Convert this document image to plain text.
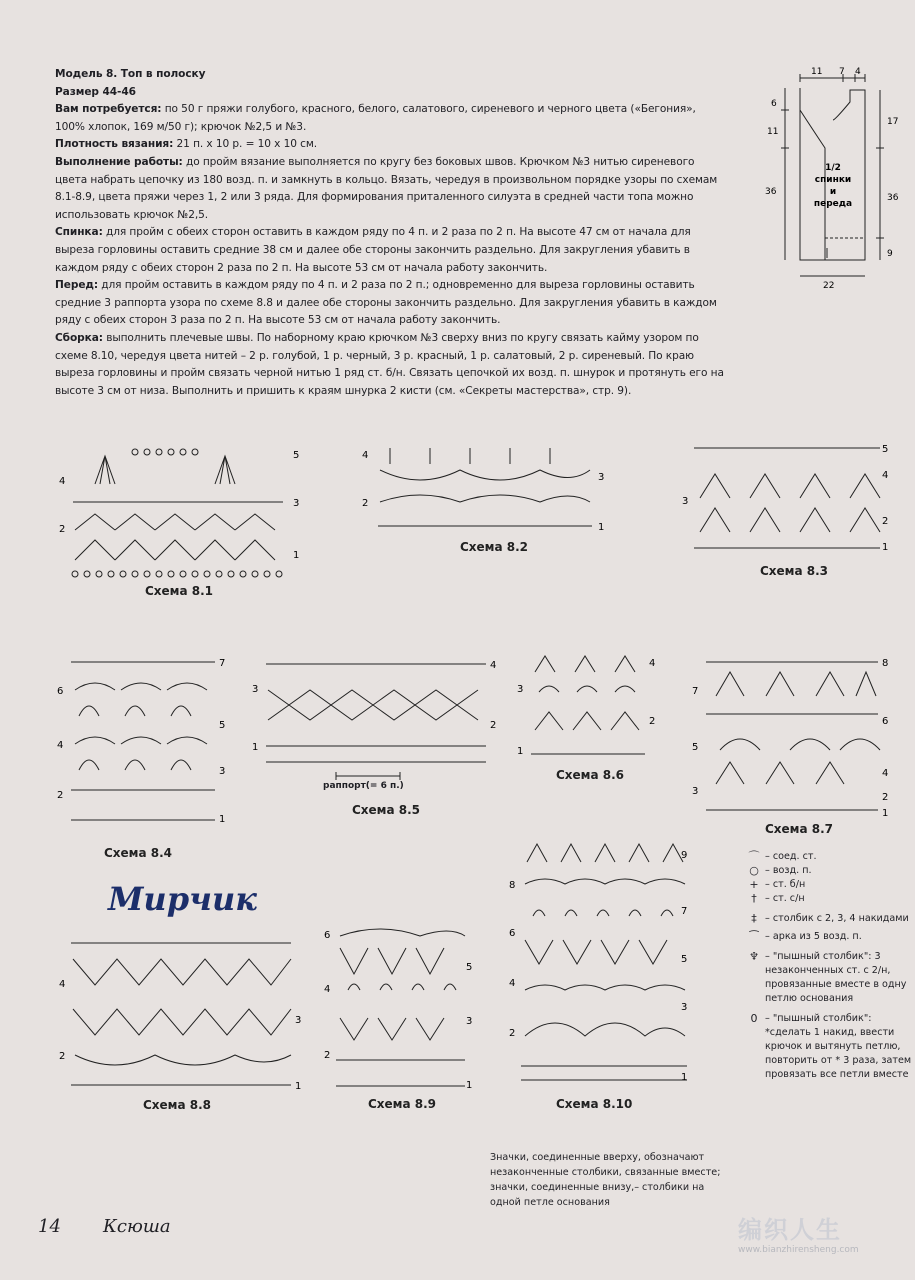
Модель 8. Топ в полоску

Размер 44-46

Вам потребуется: по 50 г пряжи голубого, красного, белого, салатового, сиреневого и черного цвета («Бегония», 100% хлопок, 169 м/50 г); крючок №2,5 и №3.

Плотность вязания: 21 п. х 10 р. = 10 х 10 см.

Выполнение работы: до пройм вязание выполняется по кругу без боковых швов. Крючком №3 нитью сиреневого цвета набрать цепочку из 180 возд. п. и замкнуть в кольцо. Вязать, чередуя в произвольном порядке узоры по схемам 8.1-8.9, цвета пряжи через 1, 2 или 3 ряда. Для формирования приталенного силуэта в средней части топа можно использовать крючок №2,5.

Спинка: для пройм с обеих сторон оставить в каждом ряду по 4 п. и 2 раза по 2 п. На высоте 47 см от начала для выреза горловины оставить средние 38 см и далее обе стороны закончить раздельно. Для закругления убавить в каждом ряду с обеих сторон 2 раза по 2 п. На высоте 53 см от начала работу закончить.

Перед: для пройм оставить в каждом ряду по 4 п. и 2 раза по 2 п.; одновременно для выреза горловины оставить средние 3 раппорта узора по схеме 8.8 и далее обе стороны закончить раздельно. Для закругления убавить в каждом ряду с обеих сторон 3 раза по 2 п. На высоте 53 см от начала работу закончить.

Сборка: выполнить плечевые швы. По наборному краю крючком №3 сверху вниз по кругу связать кайму узором по схеме 8.10, чередуя цвета нитей – 2 р. голубой, 1 р. черный, 3 р. красный, 1 р. салатовый, 2 р. сиреневый. По краю выреза горловины и пройм связать черной нитью 1 ряд ст. б/н. Связать цепочкой их возд. п. шнурок и протянуть его на высоте 3 см от низа. Выполнить и пришить к краям шнурка 2 кисти (см. «Секреты мастерства», стр. 9).

11 7 4
6
11
36
17
36
9
22
1/2
спинки
и
переда
5
4
3
2
1
Схема 8.1
4
3
2
1
Схема 8.2
5
4
3
2
1
Схема 8.3
7
6
5
4
3
2
1
Схема 8.4
4
3
2
1
раппорт(= 6 п.)
Схема 8.5
4
3
2
1
Схема 8.6
8
7
6
5
4
3
2
1
Схема 8.7
4
3
2
1
Схема 8.8
6
5
4
3
2
1
Схема 8.9
9
8
7
6
5
4
3
2
1
Схема 8.10
⌒ – соед. ст.
○ – возд. п.
+ – ст. б/н
† – ст. с/н
‡ – столбик с 2, 3, 4 накидами
⁀ – арка из 5 возд. п.
♆ – "пышный столбик": 3 незаконченных ст. с 2/н, провязанные вместе в одну петлю основания
0 – "пышный столбик": *сделать 1 накид, ввести крючок и вытянуть петлю, повторить от * 3 раза, затем провязать все петли вместе
Значки, соединенные вверху, обозначают незаконченные столбики, связанные вместе; значки, соединенные внизу,– столбики на одной петле основания
Мирчик
14 Ксюша	编织人生
www.bianzhirensheng.com
